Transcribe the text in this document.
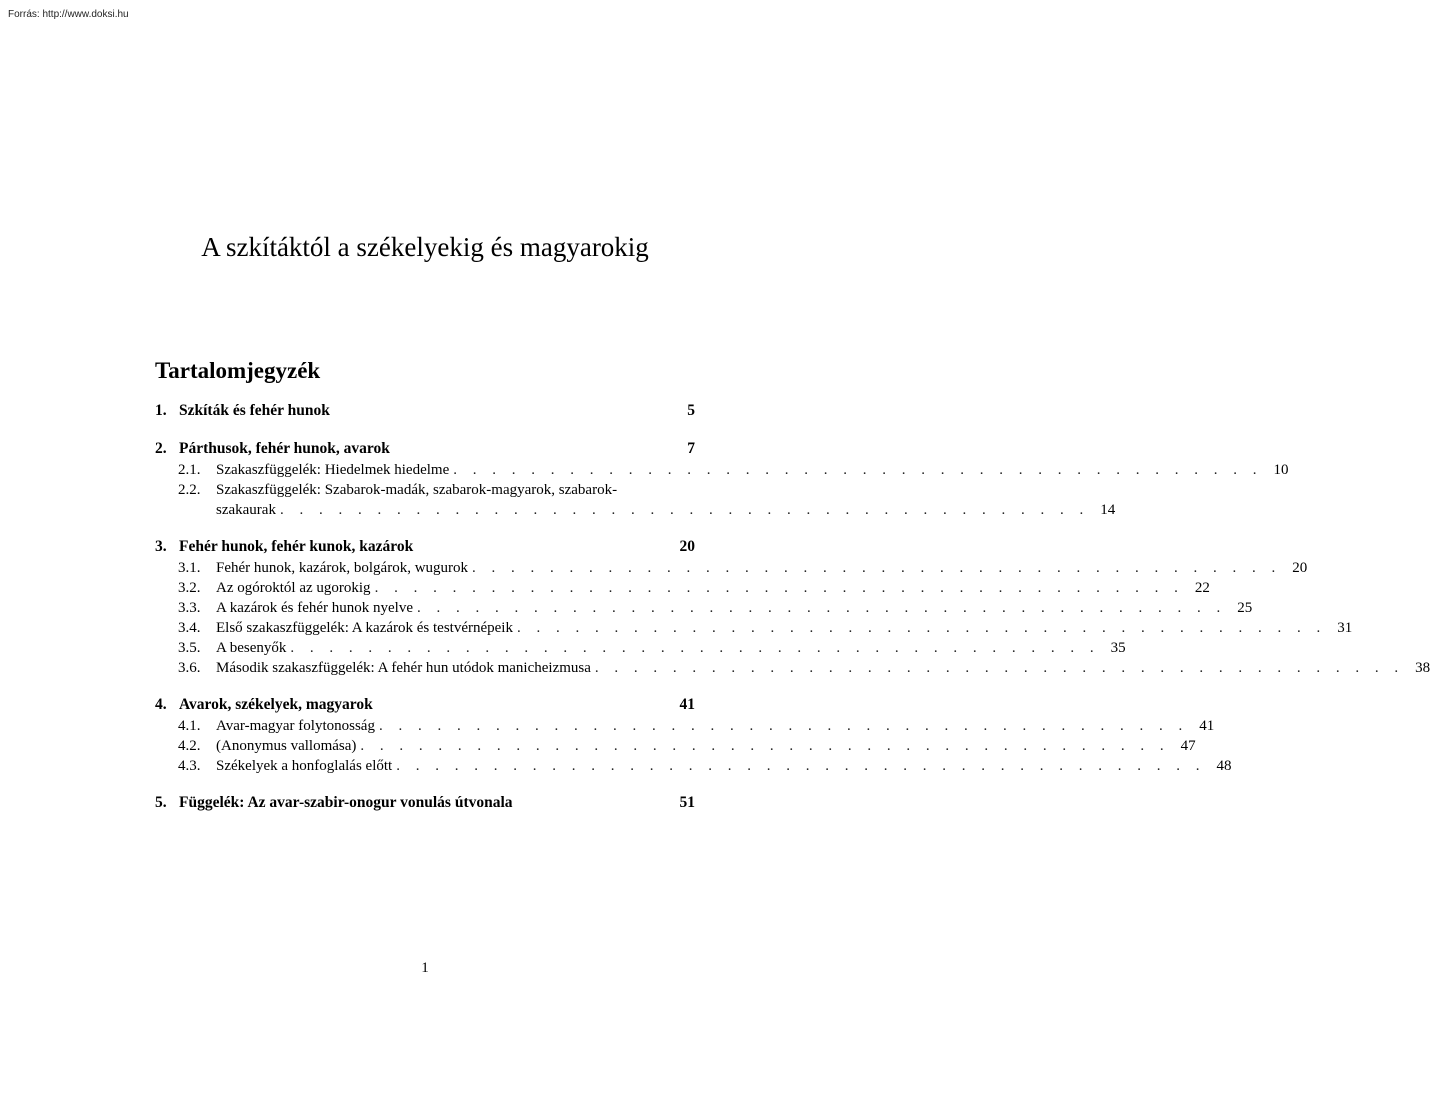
Forrás: http://www.doksi.hu
A szkítáktól a székelyekig és magyarokig
Tartalomjegyzék
1. Szkíták és fehér hunok	5
2. Párthusok, fehér hunok, avarok	7
2.1.	Szakaszfüggelék: Hiedelmek hiedelme . . . . . . . . . . . . . . . . . . . . . . . . . . . . . . . . . . . . . . . . . . 10
2.2.	Szakaszfüggelék: Szabarok-madák, szabarok-magyarok, szabarok-
szakaurak . . . . . . . . . . . . . . . . . . . . . . . . . . . . . . . . . . . . . . . . . . 14
3. Fehér hunok, fehér kunok, kazárok	20
3.1.	Fehér hunok, kazárok, bolgárok, wugurok . . . . . . . . . . . . . . . . . . . . . . . . . . . . . . . . . . . . . . . . . . 20
3.2.	Az ogóroktól az ugorokig . . . . . . . . . . . . . . . . . . . . . . . . . . . . . . . . . . . . . . . . . . 22
3.3.	A kazárok és fehér hunok nyelve . . . . . . . . . . . . . . . . . . . . . . . . . . . . . . . . . . . . . . . . . . 25
3.4.	Első szakaszfüggelék: A kazárok és testvérnépeik . . . . . . . . . . . . . . . . . . . . . . . . . . . . . . . . . . . . . . . . . . 31
3.5.	A besenyők . . . . . . . . . . . . . . . . . . . . . . . . . . . . . . . . . . . . . . . . . . 35
3.6.	Második szakaszfüggelék: A fehér hun utódok manicheizmusa . . . . . . . . . . . . . . . . . . . . . . . . . . . . . . . . . . . . . . . . . . 38
4. Avarok, székelyek, magyarok	41
4.1.	Avar-magyar folytonosság . . . . . . . . . . . . . . . . . . . . . . . . . . . . . . . . . . . . . . . . . . 41
4.2.	(Anonymus vallomása) . . . . . . . . . . . . . . . . . . . . . . . . . . . . . . . . . . . . . . . . . . 47
4.3.	Székelyek a honfoglalás előtt . . . . . . . . . . . . . . . . . . . . . . . . . . . . . . . . . . . . . . . . . . 48
5. Függelék: Az avar-szabir-onogur vonulás útvonala	51
1
